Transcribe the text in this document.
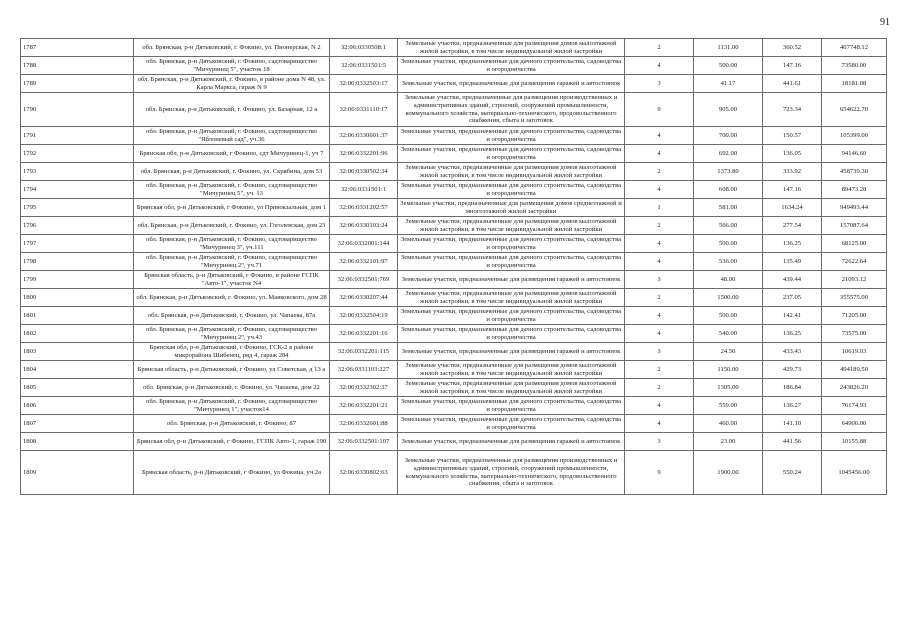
91
1787	обл. Брянская, р-н Дятьковский, г. Фокино, ул. Пионерская, N 2	32:06:0330508:1	Земельные участки, предназначенные для размещения домов малоэтажной жилой застройки, в том числе индивидуальной жилой застройки	2	1131.00	360.52	407748.12
1788	обл. Брянская, р-н Дятьковский, г. Фокино, садтоварищество "Мичуринец 5", участок 18	32:06:0331501:5	Земельные участки, предназначенные для дачного строительства, садоводства и огородничества	4	500.00	147.16	73580.00
1789	обл. Брянская, р-н Дятьковский, г. Фокино, в районе дома N 48, ул. Карла Маркса, гараж N 9	32:06:0332503:17	Земельные участки, предназначенные для размещения гаражей и автостоянок	3	41.17	441.61	18181.08
1790	обл. Брянская, р-н Дятьковский, г. Фокино, ул. Базарная, 12 а	32:06:0331110:17	Земельные участки, предназначенные для размещения производственных и административных зданий, строений, сооружений промышленности, коммунального хозяйства, материально-технического, продовольственного снабжения, сбыта и заготовок	9	905.00	723.34	654622.70
1791	обл. Брянская, р-н Дятьковский, г. Фокино, садтоварищество "Яблоневый сад", уч.36	32:06:0330601:37	Земельные участки, предназначенные для дачного строительства, садоводства и огородничества	4	700.00	150.57	105399.00
1792	Брянская обл, р-н Дятьковский, г Фокино, сдт Мичуринец-1, уч 7	32:06:0332201:96	Земельные участки, предназначенные для дачного строительства, садоводства и огородничества	4	692.00	136.05	94146.60
1793	обл. Брянская, р-н Дятьковский, г. Фокино, ул. Скрябина, дом 53	32:06:0330502:34	Земельные участки, предназначенные для размещения домов малоэтажной жилой застройки, в том числе индивидуальной жилой застройки	2	1373.80	333.92	458739.30
1794	обл. Брянская, р-н Дятьковский, г. Фокино, садтоварищество "Мичуринец 5", уч. 13	32:06:0331501:1	Земельные участки, предназначенные для дачного строительства, садоводства и огородничества	4	608.00	147.16	89473.28
1795	Брянская обл, р-н Дятьковский, г Фокино, ул Привокзальная, дом 1	32:06:0331202:57	Земельные участки, предназначенные для размещения домов среднеэтажной и многоэтажной жилой застройки	1	581.00	1634.24	949493.44
1796	обл. Брянская, р-н Дятьковский, г. Фокино, ул. Гоголевская, дом 23	32:06:0330103:24	Земельные участки, предназначенные для размещения домов малоэтажной жилой застройки, в том числе индивидуальной жилой застройки	2	566.00	277.54	157087.64
1797	обл. Брянская, р-н Дятьковский, г. Фокино, садтоварищество "Мичуринец 3", уч.111	32:06:0332001:144	Земельные участки, предназначенные для дачного строительства, садоводства и огородничества	4	500.00	136.25	68125.00
1798	обл. Брянская, р-н Дятьковский, г. Фокино, садтоварищество "Мичуринец 2", уч.71	32:06:0332101:97	Земельные участки, предназначенные для дачного строительства, садоводства и огородничества	4	536.00	135.49	72622.64
1799	Брянская область, р-н Дятьковский, г Фокино, в районе ГСПК "Авто-1", участок N4	32:06:0332501:769	Земельные участки, предназначенные для размещения гаражей и автостоянок	3	48.00	439.44	21093.12
1800	обл. Брянская, р-н Дятьковский, г. Фокино, ул. Маяковского, дом 28	32:06:0330207:44	Земельные участки, предназначенные для размещения домов малоэтажной жилой застройки, в том числе индивидуальной жилой застройки	2	1500.00	237.05	355575.00
1801	обл. Брянская, р-н Дятьковский, г. Фокино, ул. Чапаева, 87а	32:06:0332504:19	Земельные участки, предназначенные для дачного строительства, садоводства и огородничества	4	500.00	142.41	71205.00
1802	обл. Брянская, р-н Дятьковский, г. Фокино, садтоварищество "Мичуринец 2", уч.43	32:06:0332201:16	Земельные участки, предназначенные для дачного строительства, садоводства и огородничества	4	540.00	136.25	73575.00
1803	Брянская обл, р-н Дятьковский, г Фокино, ГСК-2 в районе микрорайона Шибенец, ряд 4, гараж 284	32:06:0332201:115	Земельные участки, предназначенные для размещения гаражей и автостоянок	3	24.50	433.43	10619.03
1804	Брянская область, р-н Дятьковский, г Фокино, ул Советская, д 13 а	32:06:0331103:227	Земельные участки, предназначенные для размещения домов малоэтажной жилой застройки, в том числе индивидуальной жилой застройки	2	1150.00	429.73	494189.50
1805	обл. Брянская, р-н Дятьковский, г. Фокино, ул. Чапаева, дом 22	32:06:0332302:37	Земельные участки, предназначенные для размещения домов малоэтажной жилой застройки, в том числе индивидуальной жилой застройки	2	1305.00	186.84	243826.20
1806	обл. Брянская, р-н Дятьковский, г. Фокино, садтоварищество "Мичуринец 1", участок14	32:06:0332201:21	Земельные участки, предназначенные для дачного строительства, садоводства и огородничества	4	559.00	136.27	76174.93
1807	обл. Брянская, р-н Дятьковский, г. Фокино, 87	32:06:0332601:88	Земельные участки, предназначенные для дачного строительства, садоводства и огородничества	4	460.00	141.10	64906.00
1808	Брянская обл, р-н Дятьковский, г Фокино, ГСПК Авто-1, гараж 190	32:06:0332501:107	Земельные участки, предназначенные для размещения гаражей и автостоянок	3	23.00	441.56	10155.88
1809	Брянская область, р-н Дятьковский, г Фокино, ул Фокина, уч 2а	32:06:0330802:63	Земельные участки, предназначенные для размещения производственных и административных зданий, строений, сооружений промышленности, коммунального хозяйства, материально-технического, продовольственного снабжения, сбыта и заготовок	9	1900.00	550.24	1045456.00
